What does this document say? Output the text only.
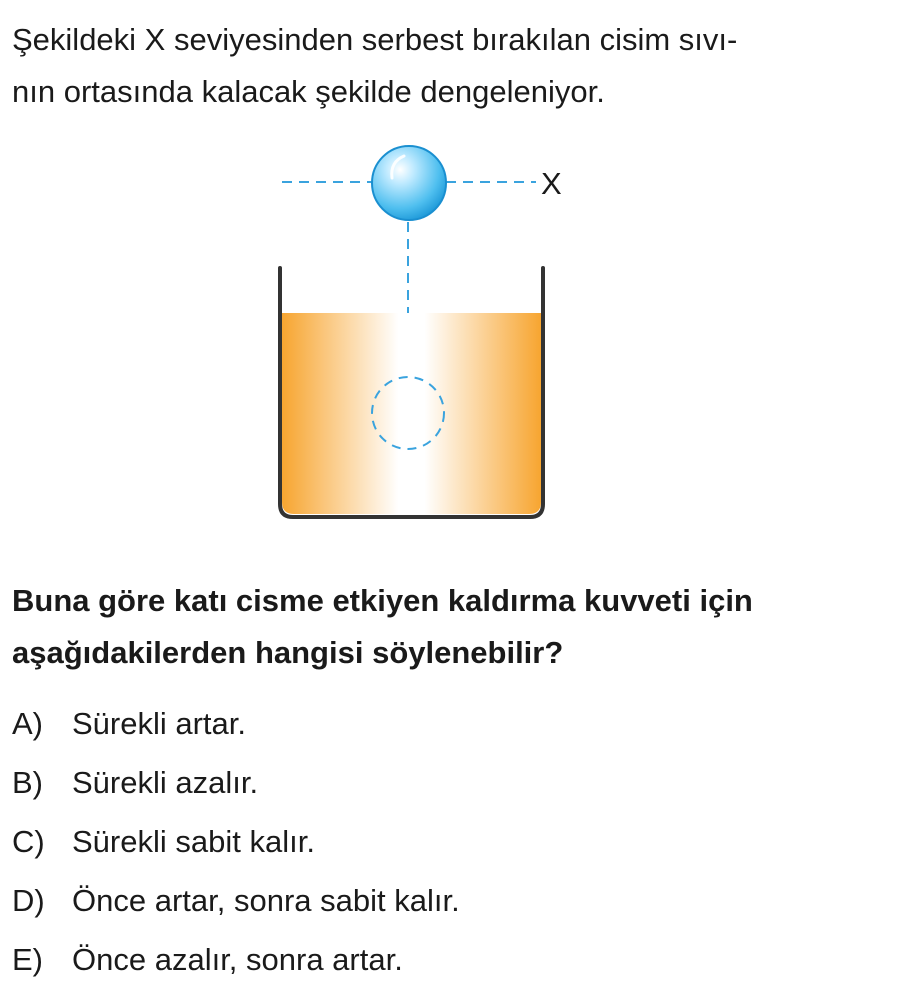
Şekildeki X seviyesinden serbest bırakılan cisim sıvı-
nın ortasında kalacak şekilde dengeleniyor.

X

Buna göre katı cisme etkiyen kaldırma kuvveti için
aşağıdakilerden hangisi söylenebilir?

A) Sürekli artar.
B) Sürekli azalır.
C) Sürekli sabit kalır.
D) Önce artar, sonra sabit kalır.
E) Önce azalır, sonra artar.
